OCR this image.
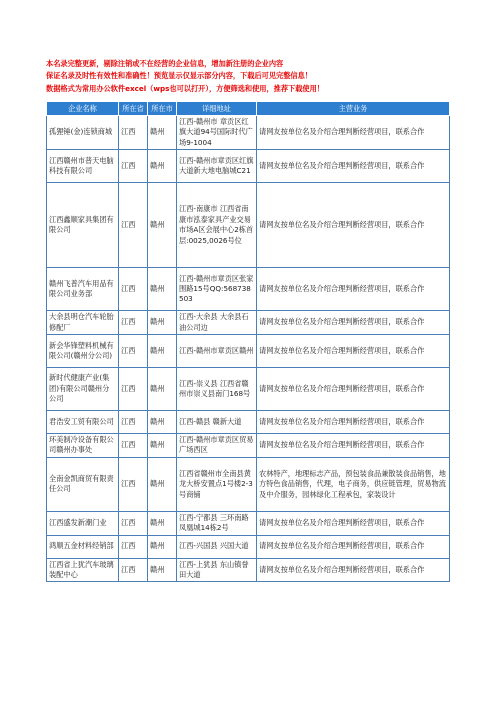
本名录完整更新，剔除注销或不在经营的企业信息，增加新注册的企业内容
保证名录及时性有效性和准确性！预览显示仅显示部分内容，下载后可见完整信息！
数据格式为常用办公软件excel（wps也可以打开），方便筛选和使用，推荐下载使用！
企业名称	所在省	所在市	详细地址	主营业务
孤狸锤(金)连锁商城	江西	赣州	江西-赣州市 章贡区红旗大道94号国际时代广场9-1004	请网友按单位名及介绍合理判断经营项目，联系合作
江西赣州市普天电脑科技有限公司	江西	赣州	江西-赣州市章贡区红旗大道新大地电脑城C21	请网友按单位名及介绍合理判断经营项目，联系合作
江西鑫顺家具集团有限公司	江西	赣州	江西-南康市 江西省南康市泓泰家具产业交易市场A区会展中心2栋首层:0025,0026号位	请网友按单位名及介绍合理判断经营项目，联系合作
赣州飞普汽车用品有限公司业务部	江西	赣州	江西-赣州市章贡区张家围路15号QQ:568738503	请网友按单位名及介绍合理判断经营项目，联系合作
大余县明仓汽车轮胎修配厂	江西	赣州	江西-大余县 大余县石油公司边	请网友按单位名及介绍合理判断经营项目，联系合作
新会华锋塑料机械有限公司(赣州分公司)	江西	赣州	江西-赣州市章贡区赣州	请网友按单位名及介绍合理判断经营项目，联系合作
新时代健康产业(集团)有限公司赣州分公司	江西	赣州	江西-崇义县 江西省赣州市崇义县南门168号	请网友按单位名及介绍合理判断经营项目，联系合作
君浩安工贸有限公司	江西	赣州	江西-赣县 赣新大道	请网友按单位名及介绍合理判断经营项目，联系合作
环美制冷设备有限公司赣州办事处	江西	赣州	江西-赣州市章贡区贸易广场西区	请网友按单位名及介绍合理判断经营项目，联系合作
全南金凯商贸有限责任公司	江西	赣州	江西省赣州市全南县黄龙大桥安置点1号楼2-3号商铺	农林特产，地理标志产品，预包装食品兼散装食品销售，地方特色食品销售，代理，电子商务，供应链管理，贸易物流及中介服务，园林绿化工程承包，家装设计
江西盛发新潮门业	江西	赣州	江西-宁都县 三环南路凤凰城14栋2号	请网友按单位名及介绍合理判断经营项目，联系合作
鸿顺五金材料经销部	江西	赣州	江西-兴国县 兴国大道	请网友按单位名及介绍合理判断经营项目，联系合作
江西省上犹汽车玻璃装配中心	江西	赣州	江西-上犹县 东山镇誉田大道	请网友按单位名及介绍合理判断经营项目，联系合作
